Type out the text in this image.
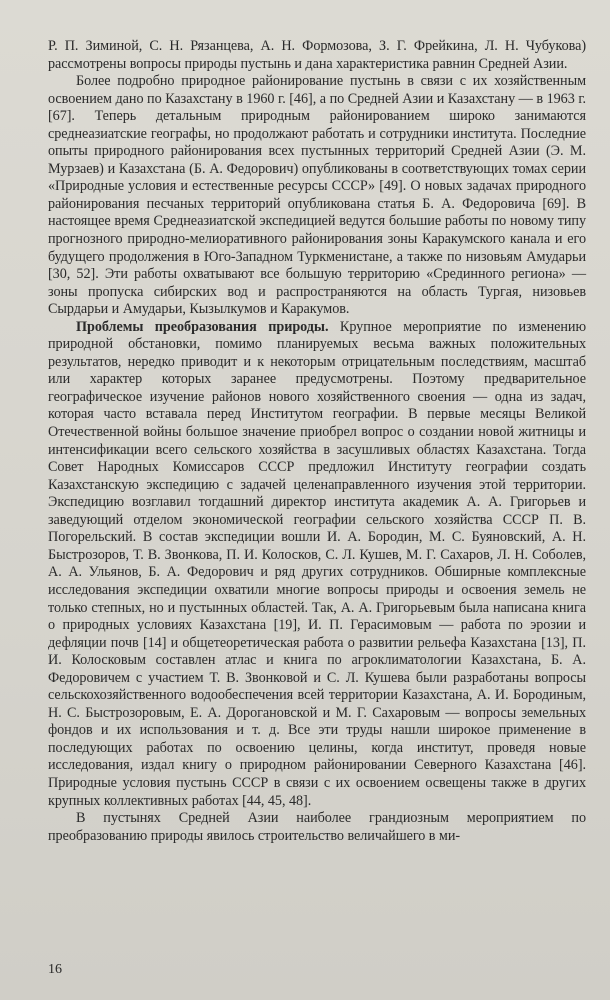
Р. П. Зиминой, С. Н. Рязанцева, А. Н. Формозова, З. Г. Фрейкина, Л. Н. Чубукова) рассмотрены вопросы природы пустынь и дана характеристика равнин Средней Азии.

Более подробно природное районирование пустынь в связи с их хозяйственным освоением дано по Казахстану в 1960 г. [46], а по Средней Азии и Казахстану — в 1963 г. [67]. Теперь детальным природным районированием широко занимаются среднеазиатские географы, но продолжают работать и сотрудники института. Последние опыты природного районирования всех пустынных территорий Средней Азии (Э. М. Мурзаев) и Казахстана (Б. А. Федорович) опубликованы в соответствующих томах серии «Природные условия и естественные ресурсы СССР» [49]. О новых задачах природного районирования песчаных территорий опубликована статья Б. А. Федоровича [69]. В настоящее время Среднеазиатской экспедицией ведутся большие работы по новому типу прогнозного природно-мелиоративного районирования зоны Каракумского канала и его будущего продолжения в Юго-Западном Туркменистане, а также по низовьям Амударьи [30, 52]. Эти работы охватывают все большую территорию «Срединного региона» — зоны пропуска сибирских вод и распространяются на область Тургая, низовьев Сырдарьи и Амударьи, Кызылкумов и Каракумов.

Проблемы преобразования природы. Крупное мероприятие по изменению природной обстановки, помимо планируемых весьма важных положительных результатов, нередко приводит и к некоторым отрицательным последствиям, масштаб или характер которых заранее предусмотрены. Поэтому предварительное географическое изучение районов нового хозяйственного своения — одна из задач, которая часто вставала перед Институтом географии. В первые месяцы Великой Отечественной войны большое значение приобрел вопрос о создании новой житницы и интенсификации всего сельского хозяйства в засушливых областях Казахстана. Тогда Совет Народных Комиссаров СССР предложил Институту географии создать Казахстанскую экспедицию с задачей целенаправленного изучения этой территории. Экспедицию возглавил тогдашний директор института академик А. А. Григорьев и заведующий отделом экономической географии сельского хозяйства СССР П. В. Погорельский. В состав экспедиции вошли И. А. Бородин, М. С. Буяновский, А. Н. Быстрозоров, Т. В. Звонкова, П. И. Колосков, С. Л. Кушев, М. Г. Сахаров, Л. Н. Соболев, А. А. Ульянов, Б. А. Федорович и ряд других сотрудников. Обширные комплексные исследования экспедиции охватили многие вопросы природы и освоения земель не только степных, но и пустынных областей. Так, А. А. Григорьевым была написана книга о природных условиях Казахстана [19], И. П. Герасимовым — работа по эрозии и дефляции почв [14] и общетеоретическая работа о развитии рельефа Казахстана [13], П. И. Колосковым составлен атлас и книга по агроклиматологии Казахстана, Б. А. Федоровичем с участием Т. В. Звонковой и С. Л. Кушева были разработаны вопросы сельскохозяйственного водообеспечения всей территории Казахстана, А. И. Бородиным, Н. С. Быстрозоровым, Е. А. Дорогановской и М. Г. Сахаровым — вопросы земельных фондов и их использования и т. д. Все эти труды нашли широкое применение в последующих работах по освоению целины, когда институт, проведя новые исследования, издал книгу о природном районировании Северного Казахстана [46]. Природные условия пустынь СССР в связи с их освоением освещены также в других крупных коллективных работах [44, 45, 48].

В пустынях Средней Азии наиболее грандиозным мероприятием по преобразованию природы явилось строительство величайшего в ми-

16
